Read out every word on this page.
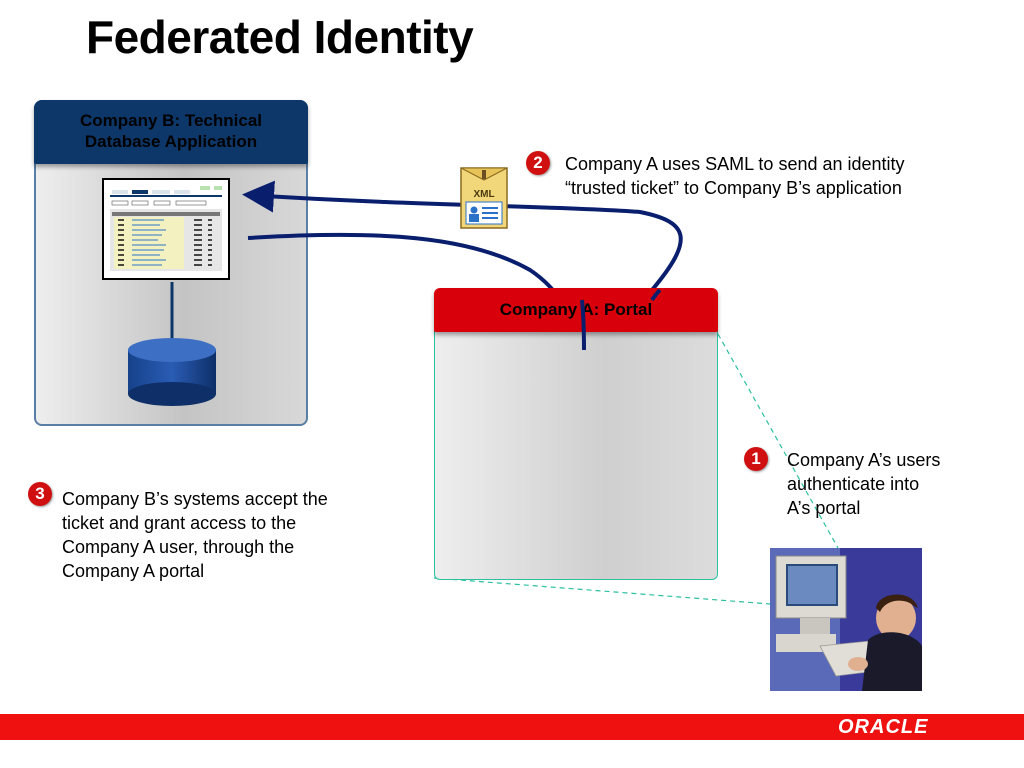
Federated Identity
Company B: Technical
Database Application
XML
Company A: Portal
2	Company A uses SAML to send an identity
“trusted ticket” to Company B’s application
1	Company A’s users
authenticate into
A’s portal
3 Company B’s systems accept the
ticket and grant access to the
Company A user, through the
Company A portal
ORACLE
